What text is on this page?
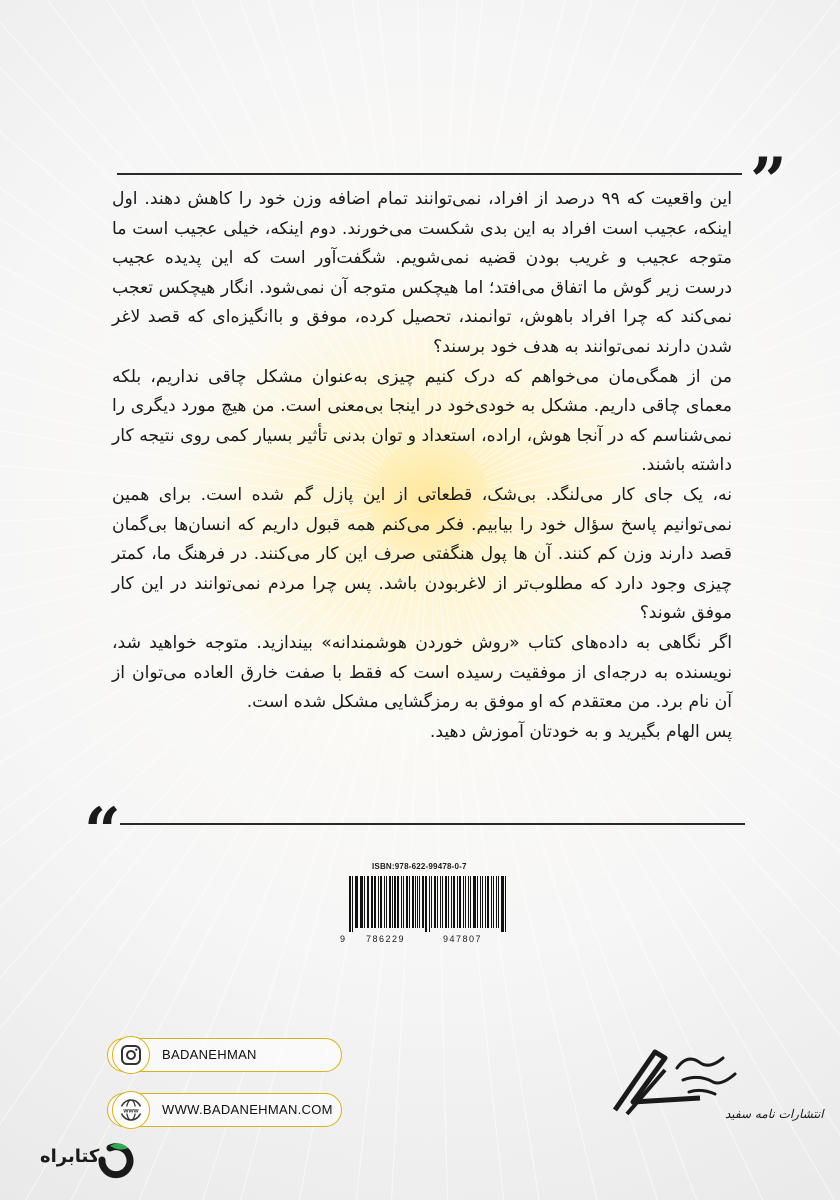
”

این واقعیت که ۹۹ درصد از افراد، نمی‌توانند تمام اضافه وزن خود را کاهش دهند. اول اینکه، عجیب است افراد به این بدی شکست می‌خورند. دوم اینکه، خیلی عجیب است ما متوجه عجیب و غریب بودن قضیه نمی‌شویم. شگفت‌آور است که این پدیده عجیب درست زیر گوش ما اتفاق می‌افتد؛ اما هیچکس متوجه آن نمی‌شود. انگار هیچکس تعجب نمی‌کند که چرا افراد باهوش، توانمند، تحصیل کرده، موفق و باانگیزه‌ای که قصد لاغر شدن دارند نمی‌توانند به هدف خود برسند؟

من از همگی‌مان می‌خواهم که درک کنیم چیزی به‌عنوان مشکل چاقی نداریم، بلکه معمای چاقی داریم. مشکل به خودی‌خود در اینجا بی‌معنی است. من هیچ مورد دیگری را نمی‌شناسم که در آنجا هوش، اراده، استعداد و توان بدنی تأثیر بسیار کمی روی نتیجه کار داشته باشند.

نه، یک جای کار می‌لنگد. بی‌شک، قطعاتی از این پازل گم شده است. برای همین نمی‌توانیم پاسخ سؤال خود را بیابیم. فکر می‌کنم همه قبول داریم که انسان‌ها بی‌گمان قصد دارند وزن کم کنند. آن ها پول هنگفتی صرف این کار می‌کنند. در فرهنگ ما، کمتر چیزی وجود دارد که مطلوب‌تر از لاغربودن باشد. پس چرا مردم نمی‌توانند در این کار موفق شوند؟

اگر نگاهی به داده‌های کتاب «روش خوردن هوشمندانه» بیندازید. متوجه خواهید شد، نویسنده به درجه‌ای از موفقیت رسیده است که فقط با صفت خارق العاده می‌توان از آن نام برد. من معتقدم که او موفق به رمزگشایی مشکل شده است.

پس الهام بگیرید و به خودتان آموزش دهید.

“	ISBN:978-622-99478-0-7
9 786229	947807
BADANEHMAN
www WWW.BADANEHMAN.COM	انتشارات نامه سفید
کتابراه
